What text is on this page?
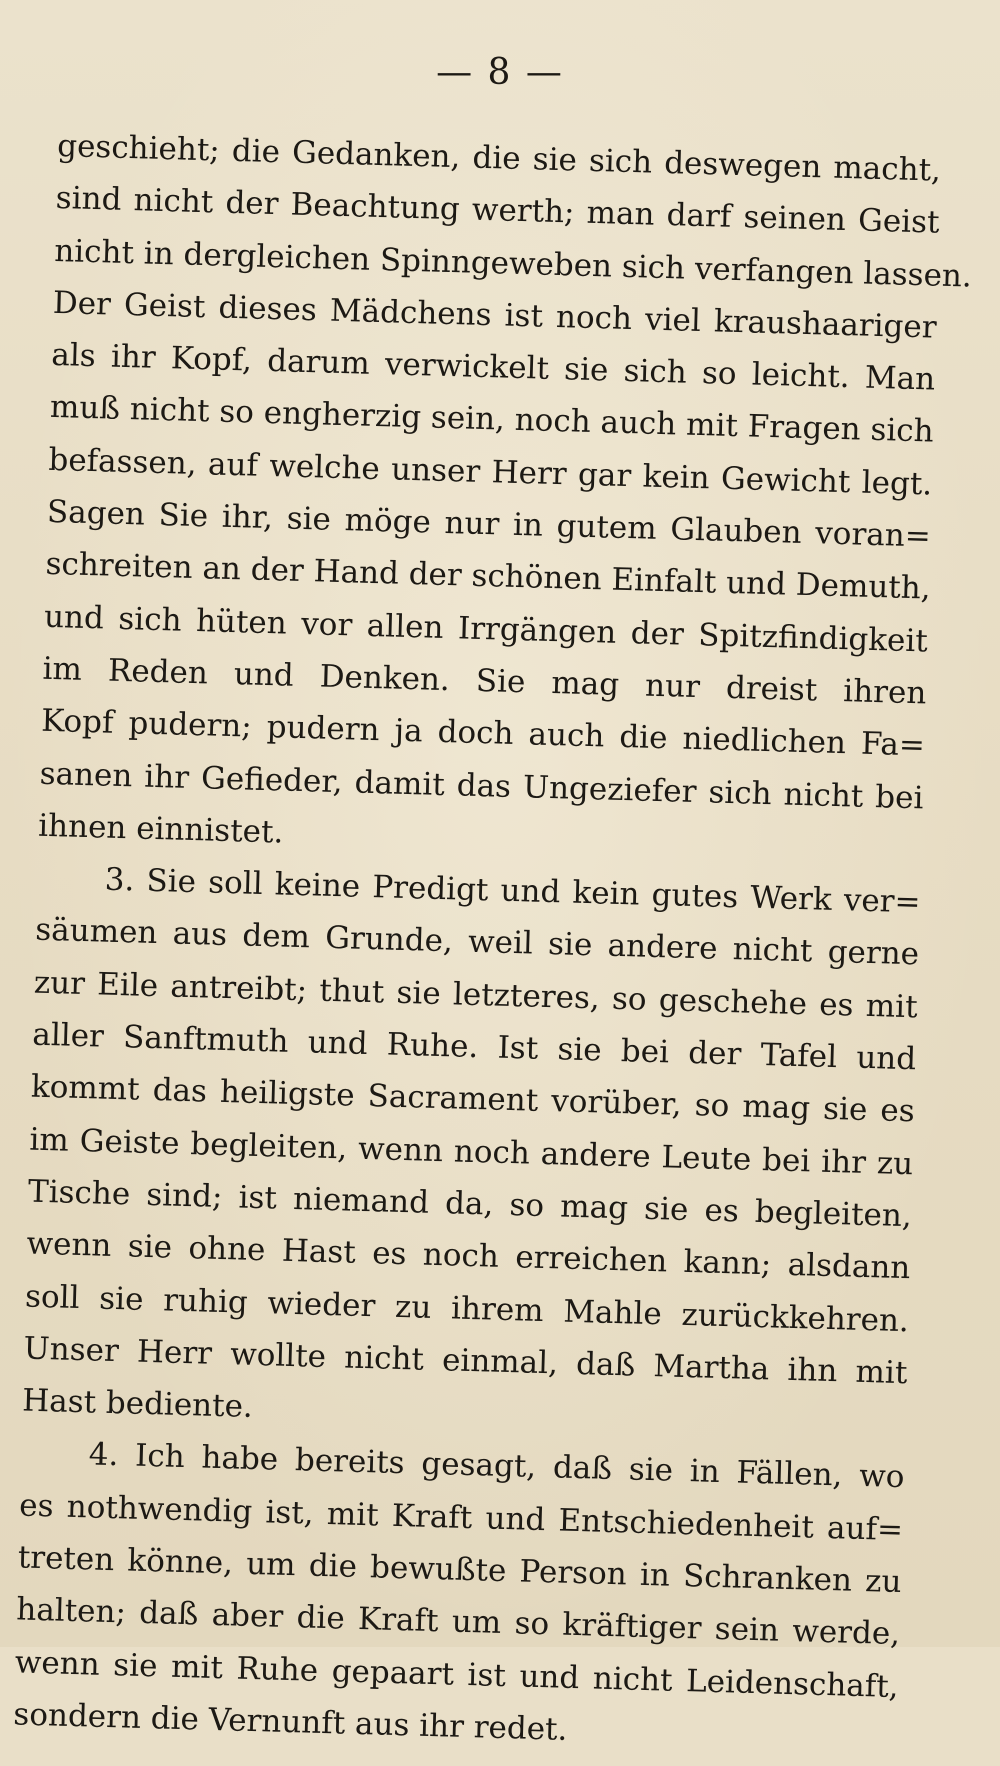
— 8 —
geschieht; die Gedanken, die sie sich deswegen macht,
sind nicht der Beachtung werth; man darf seinen Geist
nicht in dergleichen Spinngeweben sich verfangen lassen.
Der Geist dieses Mädchens ist noch viel kraushaariger
als ihr Kopf, darum verwickelt sie sich so leicht. Man
muß nicht so engherzig sein, noch auch mit Fragen sich
befassen, auf welche unser Herr gar kein Gewicht legt.
Sagen Sie ihr, sie möge nur in gutem Glauben voran=
schreiten an der Hand der schönen Einfalt und Demuth,
und sich hüten vor allen Irrgängen der Spitzfindigkeit
im Reden und Denken. Sie mag nur dreist ihren
Kopf pudern; pudern ja doch auch die niedlichen Fa=
sanen ihr Gefieder, damit das Ungeziefer sich nicht bei
ihnen einnistet.
3. Sie soll keine Predigt und kein gutes Werk ver=
säumen aus dem Grunde, weil sie andere nicht gerne
zur Eile antreibt; thut sie letzteres, so geschehe es mit
aller Sanftmuth und Ruhe. Ist sie bei der Tafel und
kommt das heiligste Sacrament vorüber, so mag sie es
im Geiste begleiten, wenn noch andere Leute bei ihr zu
Tische sind; ist niemand da, so mag sie es begleiten,
wenn sie ohne Hast es noch erreichen kann; alsdann
soll sie ruhig wieder zu ihrem Mahle zurückkehren.
Unser Herr wollte nicht einmal, daß Martha ihn mit
Hast bediente.
4. Ich habe bereits gesagt, daß sie in Fällen, wo
es nothwendig ist, mit Kraft und Entschiedenheit auf=
treten könne, um die bewußte Person in Schranken zu
halten; daß aber die Kraft um so kräftiger sein werde,
wenn sie mit Ruhe gepaart ist und nicht Leidenschaft,
sondern die Vernunft aus ihr redet.
